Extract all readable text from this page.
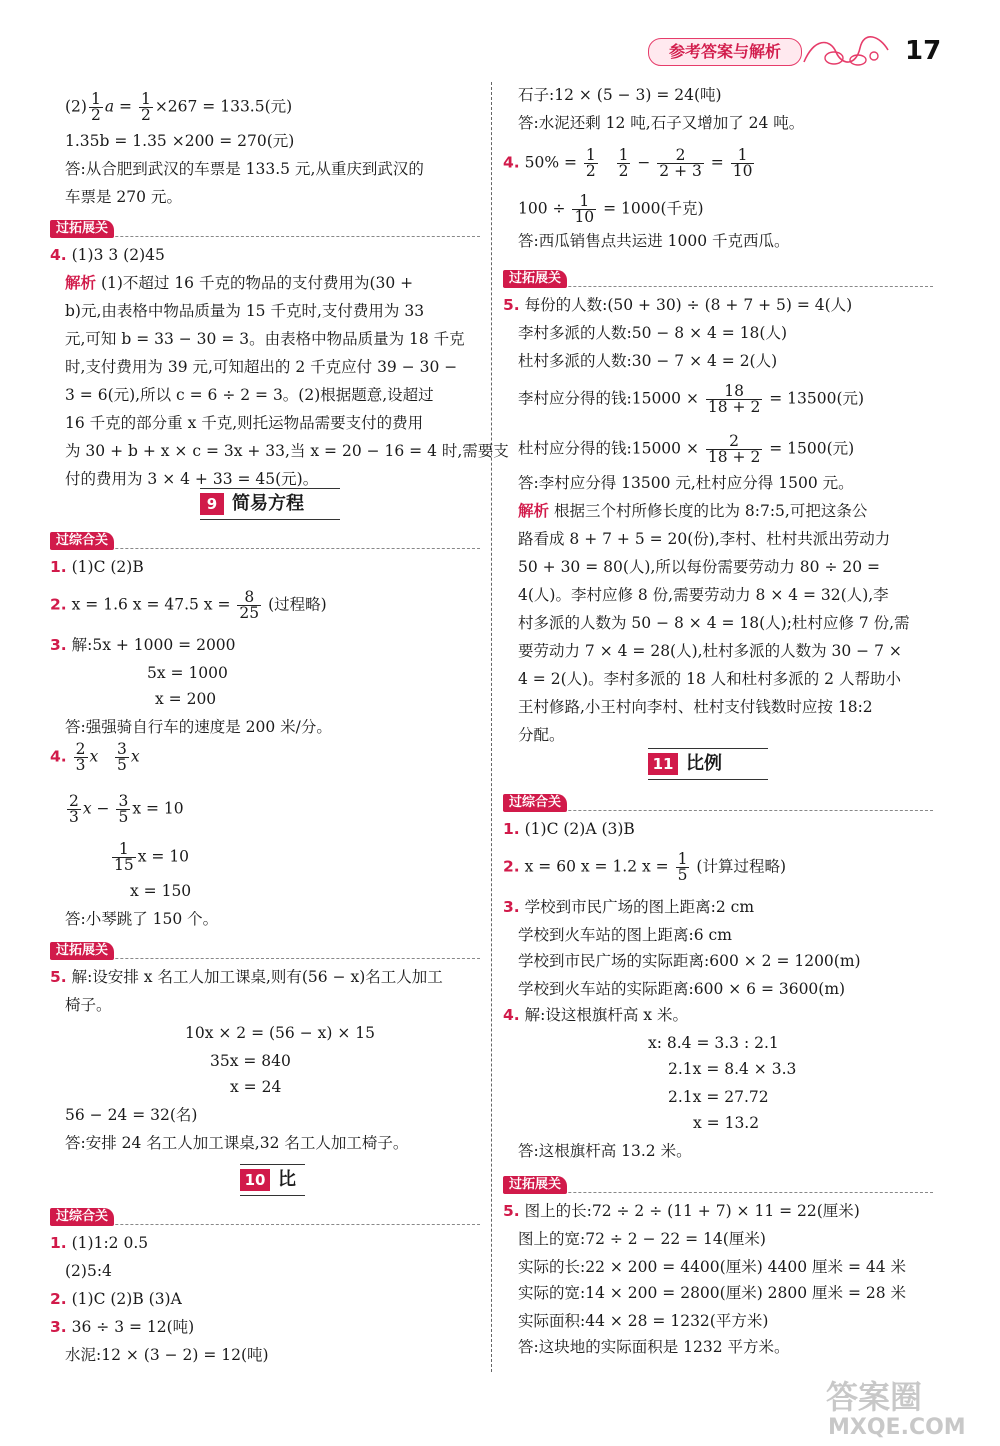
参考答案与解析	17
$(2) \frac{1}{2}$ $a = \frac{1}{2} \times 267 = 133.5$(元)
1.35b = 1.35 ×200 = 270(元)
答:从合肥到武汉的车票是 133.5 元,从重庆到武汉的
车票是 270 元。
过拓展关
4. (1)3 3 (2)45
解析 (1)不超过 16 千克的物品的支付费用为(30 +
b)元,由表格中物品质量为 15 千克时,支付费用为 33
元,可知 b = 33 − 30 = 3。由表格中物品质量为 18 千克
时,支付费用为 39 元,可知超出的 2 千克应付 39 − 30 −
3 = 6(元),所以 c = 6 ÷ 2 = 3。(2)根据题意,设超过
16 千克的部分重 x 千克,则托运物品需要支付的费用
为 30 + b + x × c = 3x + 33,当 x = 20 − 16 = 4 时,需要支
付的费用为 3 × 4 + 33 = 45(元)。
9 简易方程
过综合关
1. (1)C (2)B
2. x = 1.6 x = 47.5 $x = \frac{8}{25}$ (过程略)
3. 解:5x + 1000 = 2000
5x = 1000
x = 200
答:强强骑自行车的速度是 200 米/分。
4. $\frac{2}{3}$ x $\frac{3}{5}$ x
$\frac{2}{3}$ $x - \frac{3}{5}$ x = 10
$\frac{1}{15}$ x = 10
x = 150
答:小琴跳了 150 个。
过拓展关
5. 解:设安排 x 名工人加工课桌,则有(56 − x)名工人加工
椅子。
10x × 2 = (56 − x) × 15
35x = 840
x = 24
56 − 24 = 32(名)
答:安排 24 名工人加工课桌,32 名工人加工椅子。
10 比
过综合关
1. (1)1:2 0.5
(2)5:4
2. (1)C (2)B (3)A
3. 36 ÷ 3 = 12(吨)
水泥:12 × (3 − 2) = 12(吨)
石子:12 × (5 − 3) = 24(吨)
答:水泥还剩 12 吨,石子又增加了 24 吨。
4. $50\% = \frac{1}{2}$
$\frac{1}{2} - \frac{2}{2 + 3} = \frac{1}{10}$
$100 \div \frac{1}{10} = 1000$(千克)
答:西瓜销售点共运进 1000 千克西瓜。
过拓展关
5. 每份的人数:(50 + 30) ÷ (8 + 7 + 5) = 4(人)
李村多派的人数:50 − 8 × 4 = 18(人)
杜村多派的人数:30 − 7 × 4 = 2(人)
李村应分得的钱:15000 × $\frac{18}{18 + 2} = 13500$(元)
杜村应分得的钱:15000 × $\frac{2}{18 + 2} = 1500$(元)
答:李村应分得 13500 元,杜村应分得 1500 元。
解析 根据三个村所修长度的比为 8:7:5,可把这条公
路看成 8 + 7 + 5 = 20(份),李村、杜村共派出劳动力
50 + 30 = 80(人),所以每份需要劳动力 80 ÷ 20 =
4(人)。李村应修 8 份,需要劳动力 8 × 4 = 32(人),李
村多派的人数为 50 − 8 × 4 = 18(人);杜村应修 7 份,需
要劳动力 7 × 4 = 28(人),杜村多派的人数为 30 − 7 ×
4 = 2(人)。李村多派的 18 人和杜村多派的 2 人帮助小
王村修路,小王村向李村、杜村支付钱数时应按 18:2
分配。
11 比例
过综合关
1. (1)C (2)A (3)B
2. x = 60 x = 1.2 $x = \frac{1}{5}$ (计算过程略)
3. 学校到市民广场的图上距离:2 cm
学校到火车站的图上距离:6 cm
学校到市民广场的实际距离:600 × 2 = 1200(m)
学校到火车站的实际距离:600 × 6 = 3600(m)
4. 解:设这根旗杆高 x 米。
x: 8.4 = 3.3 : 2.1
2.1x = 8.4 × 3.3
2.1x = 27.72
x = 13.2
答:这根旗杆高 13.2 米。
过拓展关
5. 图上的长:72 ÷ 2 ÷ (11 + 7) × 11 = 22(厘米)
图上的宽:72 ÷ 2 − 22 = 14(厘米)
实际的长:22 × 200 = 4400(厘米) 4400 厘米 = 44 米
实际的宽:14 × 200 = 2800(厘米) 2800 厘米 = 28 米
实际面积:44 × 28 = 1232(平方米)
答:这块地的实际面积是 1232 平方米。
答案圈
MXQE.COM
